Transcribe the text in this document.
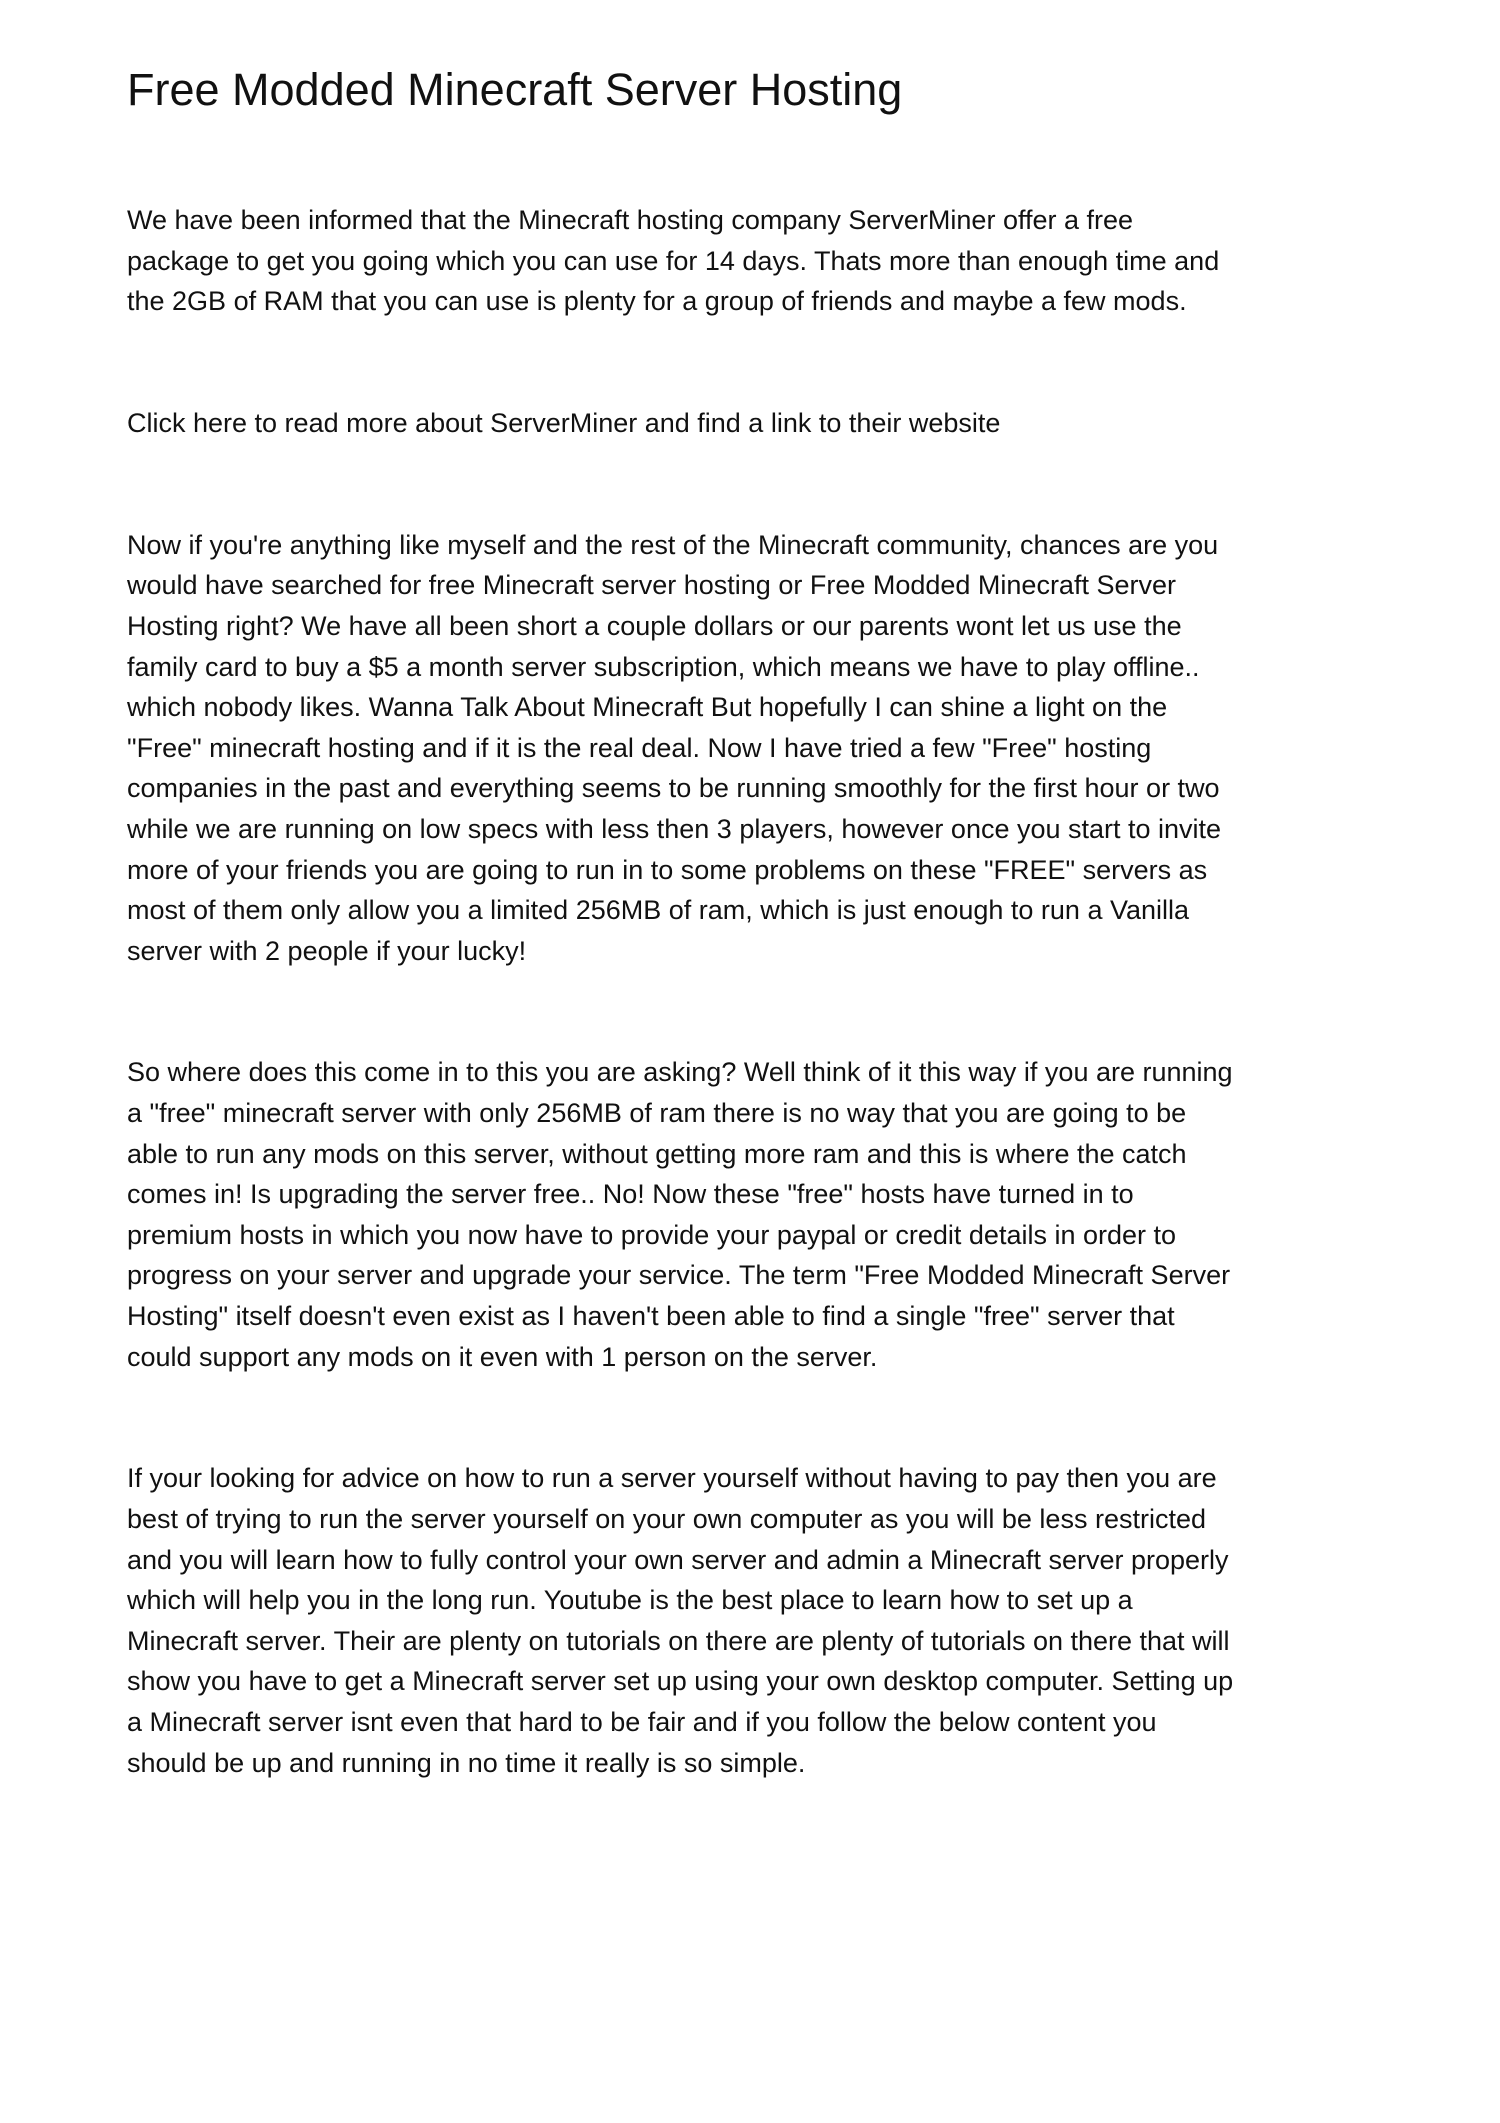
Free Modded Minecraft Server Hosting

We have been informed that the Minecraft hosting company ServerMiner offer a free
package to get you going which you can use for 14 days. Thats more than enough time and
the 2GB of RAM that you can use is plenty for a group of friends and maybe a few mods.

Click here to read more about ServerMiner and find a link to their website

Now if you're anything like myself and the rest of the Minecraft community, chances are you
would have searched for free Minecraft server hosting or Free Modded Minecraft Server
Hosting right? We have all been short a couple dollars or our parents wont let us use the
family card to buy a $5 a month server subscription, which means we have to play offline..
which nobody likes. Wanna Talk About Minecraft But hopefully I can shine a light on the
"Free" minecraft hosting and if it is the real deal. Now I have tried a few "Free" hosting
companies in the past and everything seems to be running smoothly for the first hour or two
while we are running on low specs with less then 3 players, however once you start to invite
more of your friends you are going to run in to some problems on these "FREE" servers as
most of them only allow you a limited 256MB of ram, which is just enough to run a Vanilla
server with 2 people if your lucky!

So where does this come in to this you are asking? Well think of it this way if you are running
a "free" minecraft server with only 256MB of ram there is no way that you are going to be
able to run any mods on this server, without getting more ram and this is where the catch
comes in! Is upgrading the server free.. No! Now these "free" hosts have turned in to
premium hosts in which you now have to provide your paypal or credit details in order to
progress on your server and upgrade your service. The term "Free Modded Minecraft Server
Hosting" itself doesn't even exist as I haven't been able to find a single "free" server that
could support any mods on it even with 1 person on the server.

If your looking for advice on how to run a server yourself without having to pay then you are
best of trying to run the server yourself on your own computer as you will be less restricted
and you will learn how to fully control your own server and admin a Minecraft server properly
which will help you in the long run. Youtube is the best place to learn how to set up a
Minecraft server. Their are plenty on tutorials on there are plenty of tutorials on there that will
show you have to get a Minecraft server set up using your own desktop computer. Setting up
a Minecraft server isnt even that hard to be fair and if you follow the below content you
should be up and running in no time it really is so simple.
